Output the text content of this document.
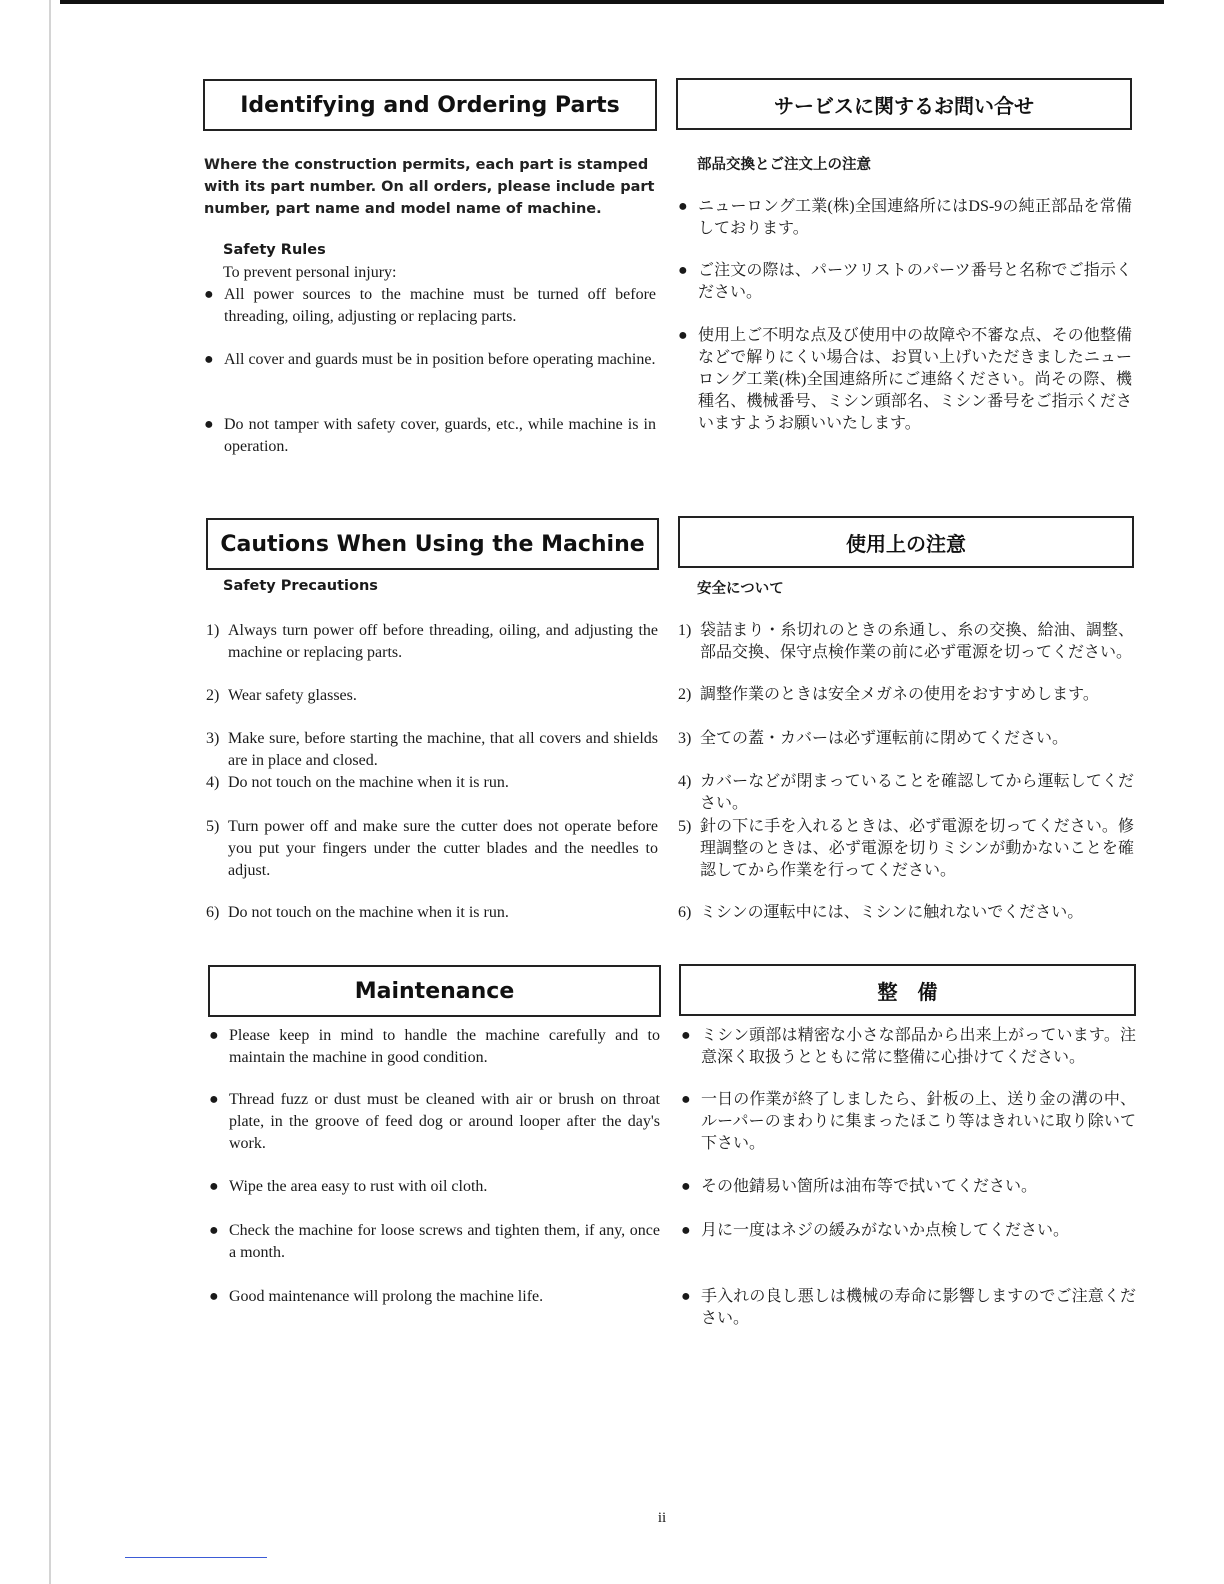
Identifying and Ordering Parts
Where the construction permits, each part is stamped with its part number. On all orders, please include part number, part name and model name of machine.
Safety Rules
To prevent personal injury:
● All power sources to the machine must be turned off before threading, oiling, adjusting or replacing parts.
● All cover and guards must be in position before operating machine.
● Do not tamper with safety cover, guards, etc., while machine is in operation.
サービスに関するお問い合せ
部品交換とご注文上の注意
● ニューロング工業(株)全国連絡所にはDS-9の純正部品を常備しております。
● ご注文の際は、パーツリストのパーツ番号と名称でご指示ください。
● 使用上ご不明な点及び使用中の故障や不審な点、その他整備などで解りにくい場合は、お買い上げいただきましたニューロング工業(株)全国連絡所にご連絡ください。尚その際、機種名、機械番号、ミシン頭部名、ミシン番号をご指示くださいますようお願いいたします。
Cautions When Using the Machine
Safety Precautions
1) Always turn power off before threading, oiling, and adjusting the machine or replacing parts.
2) Wear safety glasses.
3) Make sure, before starting the machine, that all covers and shields are in place and closed.
4) Do not touch on the machine when it is run.
5) Turn power off and make sure the cutter does not operate before you put your fingers under the cutter blades and the needles to adjust.
6) Do not touch on the machine when it is run.
使用上の注意
安全について
1) 袋詰まり・糸切れのときの糸通し、糸の交換、給油、調整、部品交換、保守点検作業の前に必ず電源を切ってください。
2) 調整作業のときは安全メガネの使用をおすすめします。
3) 全ての蓋・カバーは必ず運転前に閉めてください。
4) カバーなどが閉まっていることを確認してから運転してください。
5) 針の下に手を入れるときは、必ず電源を切ってください。修理調整のときは、必ず電源を切りミシンが動かないことを確認してから作業を行ってください。
6) ミシンの運転中には、ミシンに触れないでください。
Maintenance
● Please keep in mind to handle the machine carefully and to maintain the machine in good condition.
● Thread fuzz or dust must be cleaned with air or brush on throat plate, in the groove of feed dog or around looper after the day's work.
● Wipe the area easy to rust with oil cloth.
● Check the machine for loose screws and tighten them, if any, once a month.
● Good maintenance will prolong the machine life.
整　備
● ミシン頭部は精密な小さな部品から出来上がっています。注意深く取扱うとともに常に整備に心掛けてください。
● 一日の作業が終了しましたら、針板の上、送り金の溝の中、ルーパーのまわりに集まったほこり等はきれいに取り除いて下さい。
● その他錆易い箇所は油布等で拭いてください。
● 月に一度はネジの緩みがないか点検してください。
● 手入れの良し悪しは機械の寿命に影響しますのでご注意ください。
ii
